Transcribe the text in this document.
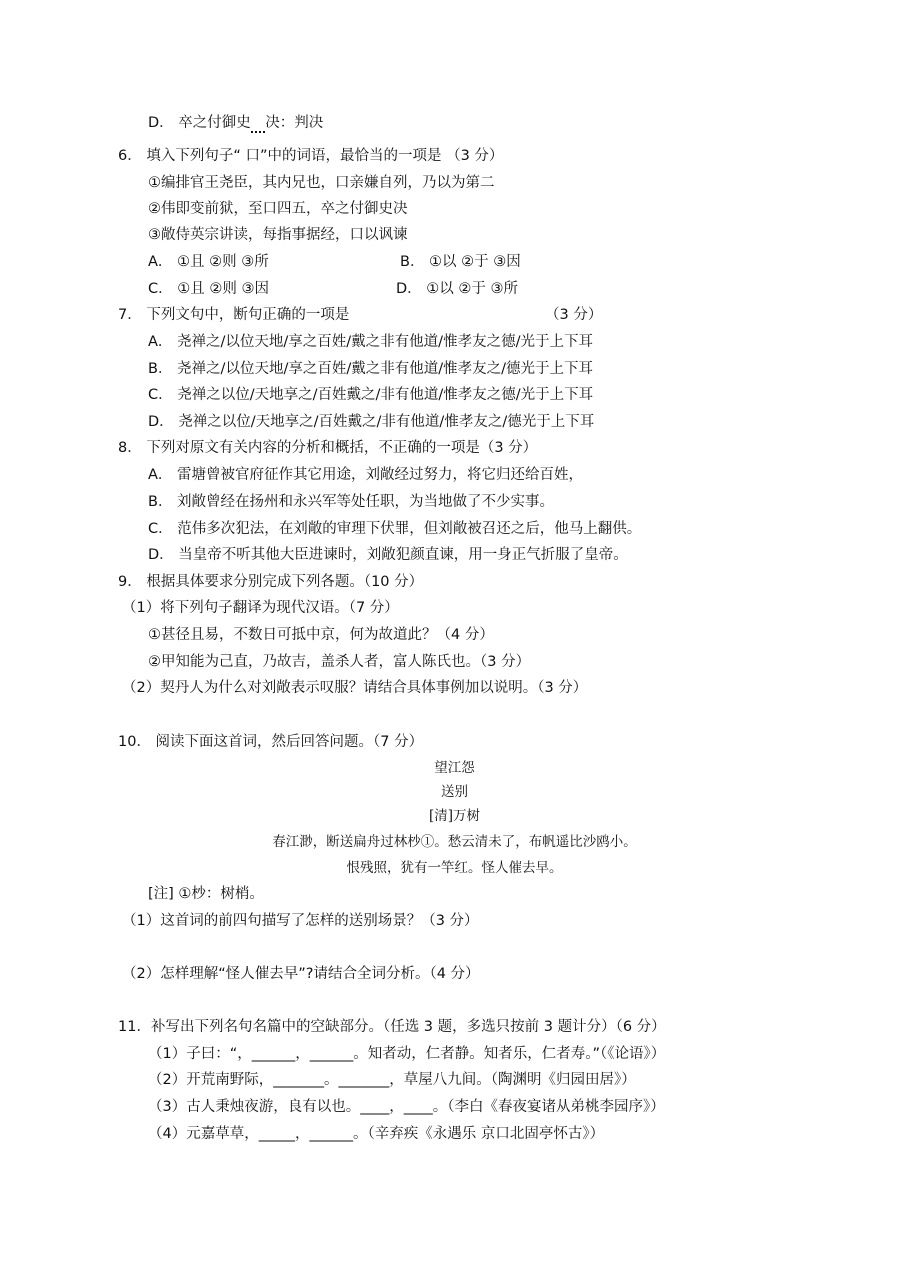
D． 卒之付御史　 决：判决
6． 填入下列句子“ 口”中的词语，最恰当的一项是 （3 分）
①编排官王尧臣，其内兄也，口亲嫌自列，乃以为第二
②伟即变前狱，至口四五，卒之付御史决
③敞侍英宗讲读，每指事据经，口以讽谏
A． ①且 ②则 ③所	B． ①以 ②于 ③因
C． ①且 ②则 ③因	D． ①以 ②于 ③所
7． 下列文句中，断句正确的一项是	（3 分）
A． 尧禅之/以位天地/享之百姓/戴之非有他道/惟孝友之德/光于上下耳
B． 尧禅之/以位天地/享之百姓/戴之非有他道/惟孝友之/德光于上下耳
C． 尧禅之以位/天地享之/百姓戴之/非有他道/惟孝友之德/光于上下耳
D． 尧禅之以位/天地享之/百姓戴之/非有他道/惟孝友之/德光于上下耳
8． 下列对原文有关内容的分析和概括，不正确的一项是（3 分）
A． 雷塘曾被官府征作其它用途，刘敞经过努力，将它归还给百姓，
B． 刘敞曾经在扬州和永兴军等处任职，为当地做了不少实事。
C． 范伟多次犯法，在刘敞的审理下伏罪，但刘敞被召还之后，他马上翻供。
D． 当皇帝不听其他大臣进谏时，刘敞犯颜直谏，用一身正气折服了皇帝。
9． 根据具体要求分别完成下列各题。（10 分）
（1）将下列句子翻译为现代汉语。（7 分）
①甚径且易，不数日可抵中京，何为故道此？（4 分）
②甲知能为己直，乃故吉，盖杀人者，富人陈氏也。（3 分）
（2）契丹人为什么对刘敞表示叹服？请结合具体事例加以说明。（3 分）
10． 阅读下面这首词，然后回答问题。（7 分）
望江怨
送别
[清]万树
春江渺，断送扁舟过林杪①。愁云清未了，布帆遥比沙鸥小。
恨残照，犹有一竿红。怪人催去早。
[注] ①杪：树梢。
（1）这首词的前四句描写了怎样的送别场景？（3 分）
（2）怎样理解“怪人催去早”?请结合全词分析。（4 分）
11．补写出下列名句名篇中的空缺部分。（任选 3 题，多选只按前 3 题计分）（6 分）
（1）子曰：“，______，______。知者动，仁者静。知者乐，仁者寿。”（《论语》）
（2）开荒南野际，_______。_______，草屋八九间。（陶渊明《归园田居》）
（3）古人秉烛夜游，良有以也。____，____。（李白《春夜宴诸从弟桃李园序》）
（4）元嘉草草，_____，______。（辛弃疾《永遇乐 京口北固亭怀古》）
